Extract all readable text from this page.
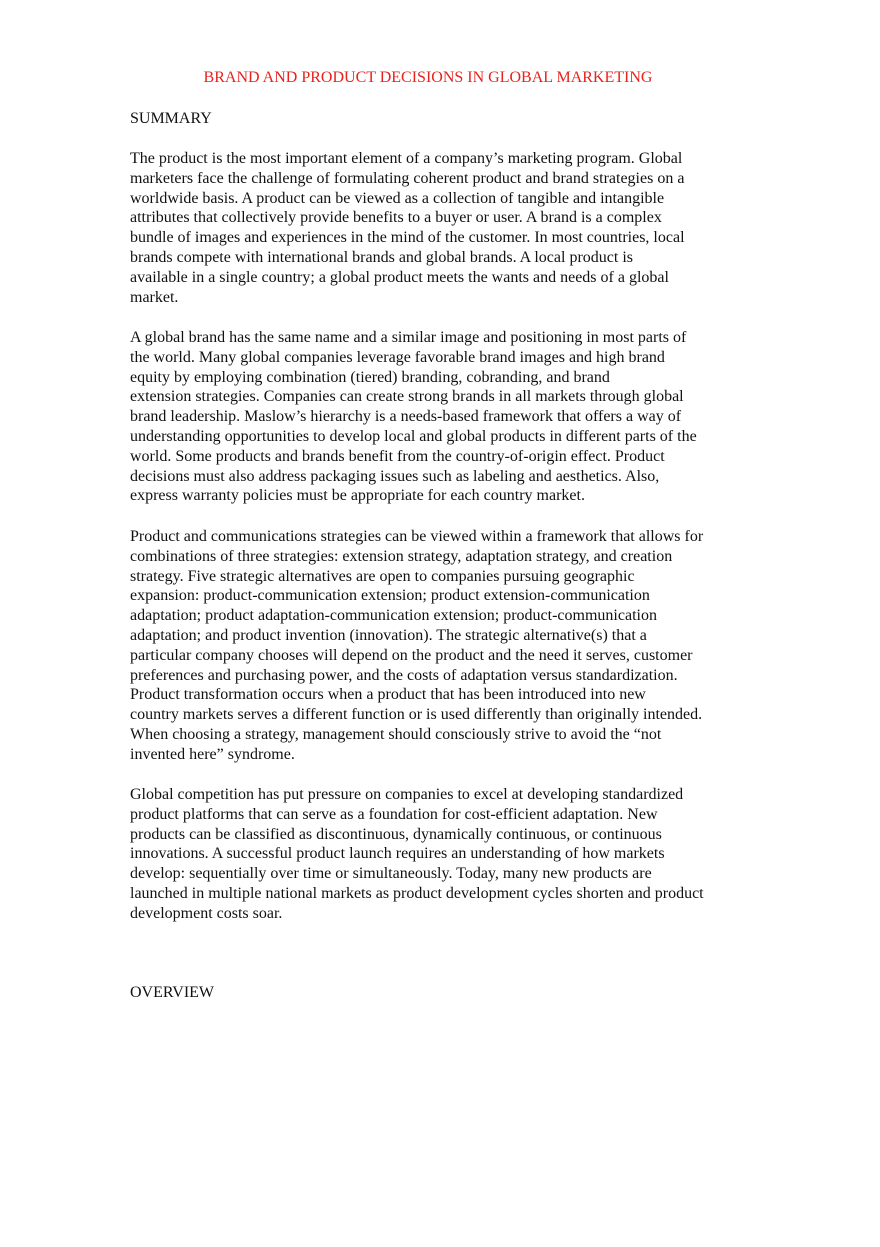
BRAND AND PRODUCT DECISIONS IN GLOBAL MARKETING
SUMMARY
The product is the most important element of a company’s marketing program. Global
marketers face the challenge of formulating coherent product and brand strategies on a
worldwide basis. A product can be viewed as a collection of tangible and intangible
attributes that collectively provide benefits to a buyer or user. A brand is a complex
bundle of images and experiences in the mind of the customer. In most countries, local
brands compete with international brands and global brands. A local product is
available in a single country; a global product meets the wants and needs of a global
market.
A global brand has the same name and a similar image and positioning in most parts of
the world. Many global companies leverage favorable brand images and high brand
equity by employing combination (tiered) branding, cobranding, and brand
extension strategies. Companies can create strong brands in all markets through global
brand leadership. Maslow’s hierarchy is a needs-based framework that offers a way of
understanding opportunities to develop local and global products in different parts of the
world. Some products and brands benefit from the country-of-origin effect. Product
decisions must also address packaging issues such as labeling and aesthetics. Also,
express warranty policies must be appropriate for each country market.
Product and communications strategies can be viewed within a framework that allows for
combinations of three strategies: extension strategy, adaptation strategy, and creation
strategy. Five strategic alternatives are open to companies pursuing geographic
expansion: product-communication extension; product extension-communication
adaptation; product adaptation-communication extension; product-communication
adaptation; and product invention (innovation). The strategic alternative(s) that a
particular company chooses will depend on the product and the need it serves, customer
preferences and purchasing power, and the costs of adaptation versus standardization.
Product transformation occurs when a product that has been introduced into new
country markets serves a different function or is used differently than originally intended.
When choosing a strategy, management should consciously strive to avoid the “not
invented here” syndrome.
Global competition has put pressure on companies to excel at developing standardized
product platforms that can serve as a foundation for cost-efficient adaptation. New
products can be classified as discontinuous, dynamically continuous, or continuous
innovations. A successful product launch requires an understanding of how markets
develop: sequentially over time or simultaneously. Today, many new products are
launched in multiple national markets as product development cycles shorten and product
development costs soar.
OVERVIEW
